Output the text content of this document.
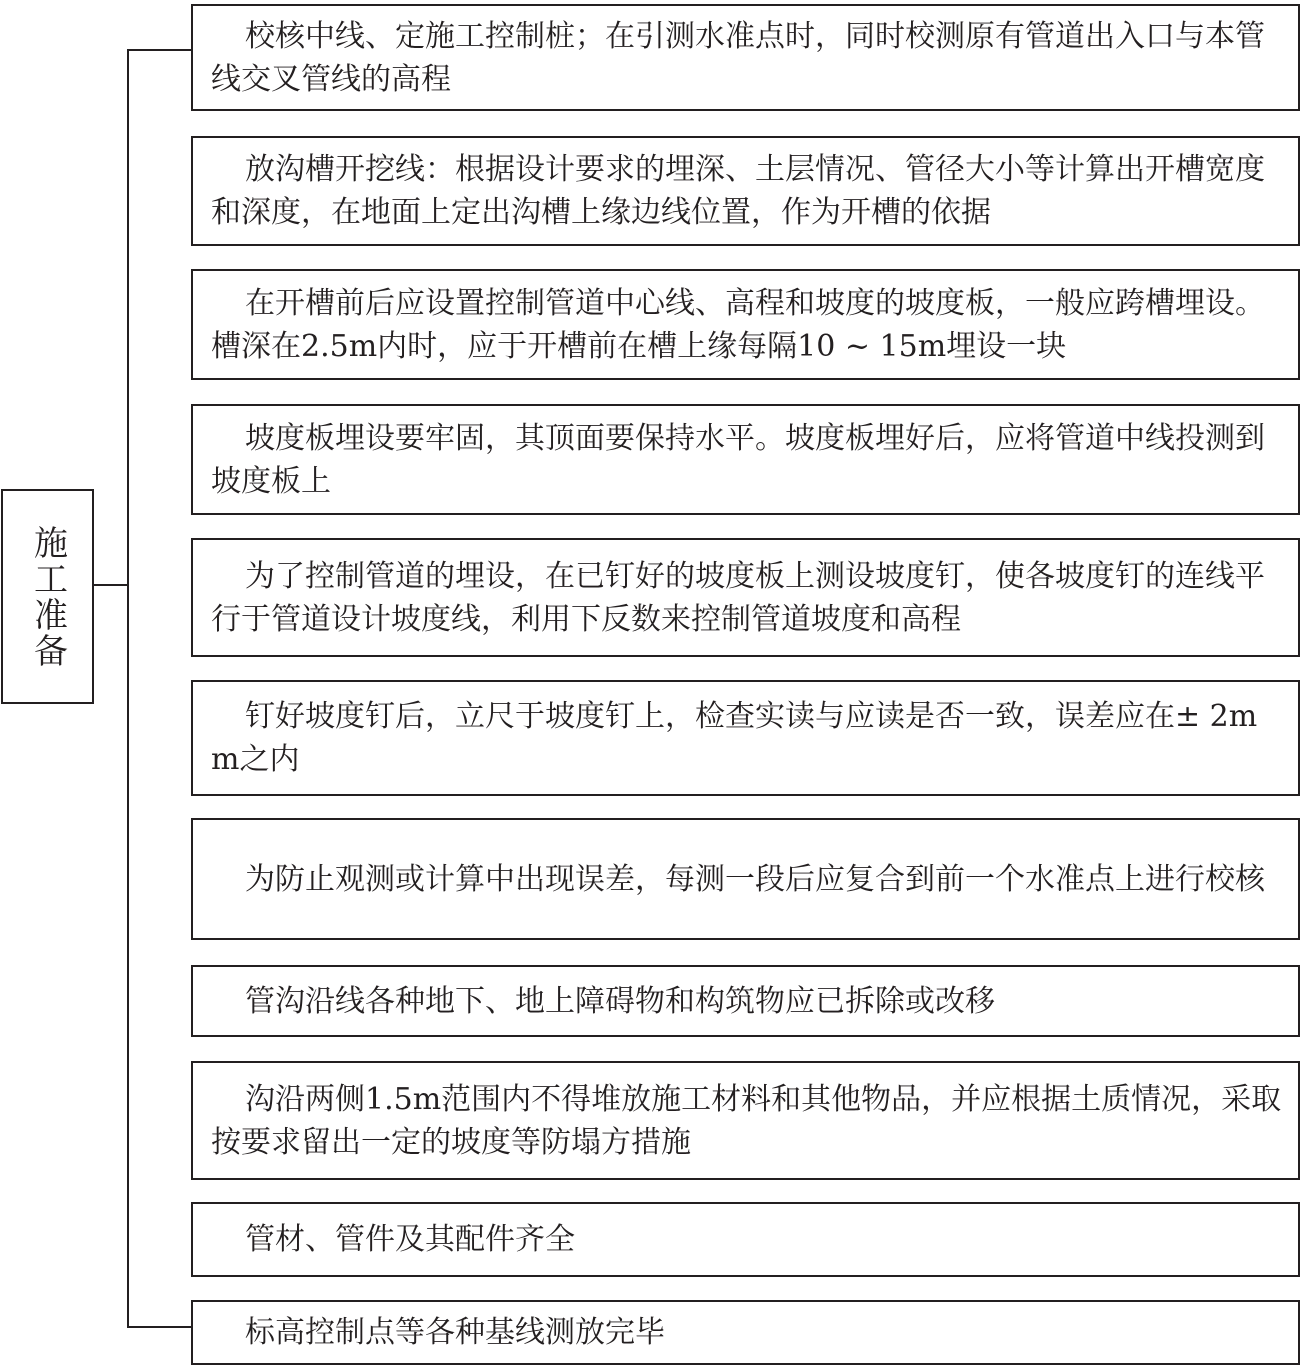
施工准备
校核中线、定施工控制桩；在引测水准点时，同时校测原有管道出入口与本管线交叉管线的高程
放沟槽开挖线：根据设计要求的埋深、土层情况、管径大小等计算出开槽宽度和深度，在地面上定出沟槽上缘边线位置，作为开槽的依据
在开槽前后应设置控制管道中心线、高程和坡度的坡度板，一般应跨槽埋设。槽深在2.5m内时，应于开槽前在槽上缘每隔10 ~ 15m埋设一块
坡度板埋设要牢固，其顶面要保持水平。坡度板埋好后，应将管道中线投测到坡度板上
为了控制管道的埋设，在已钉好的坡度板上测设坡度钉，使各坡度钉的连线平行于管道设计坡度线，利用下反数来控制管道坡度和高程
钉好坡度钉后，立尺于坡度钉上，检查实读与应读是否一致，误差应在± 2mm之内
为防止观测或计算中出现误差，每测一段后应复合到前一个水准点上进行校核
管沟沿线各种地下、地上障碍物和构筑物应已拆除或改移
沟沿两侧1.5m范围内不得堆放施工材料和其他物品，并应根据土质情况，采取按要求留出一定的坡度等防塌方措施
管材、管件及其配件齐全
标高控制点等各种基线测放完毕
